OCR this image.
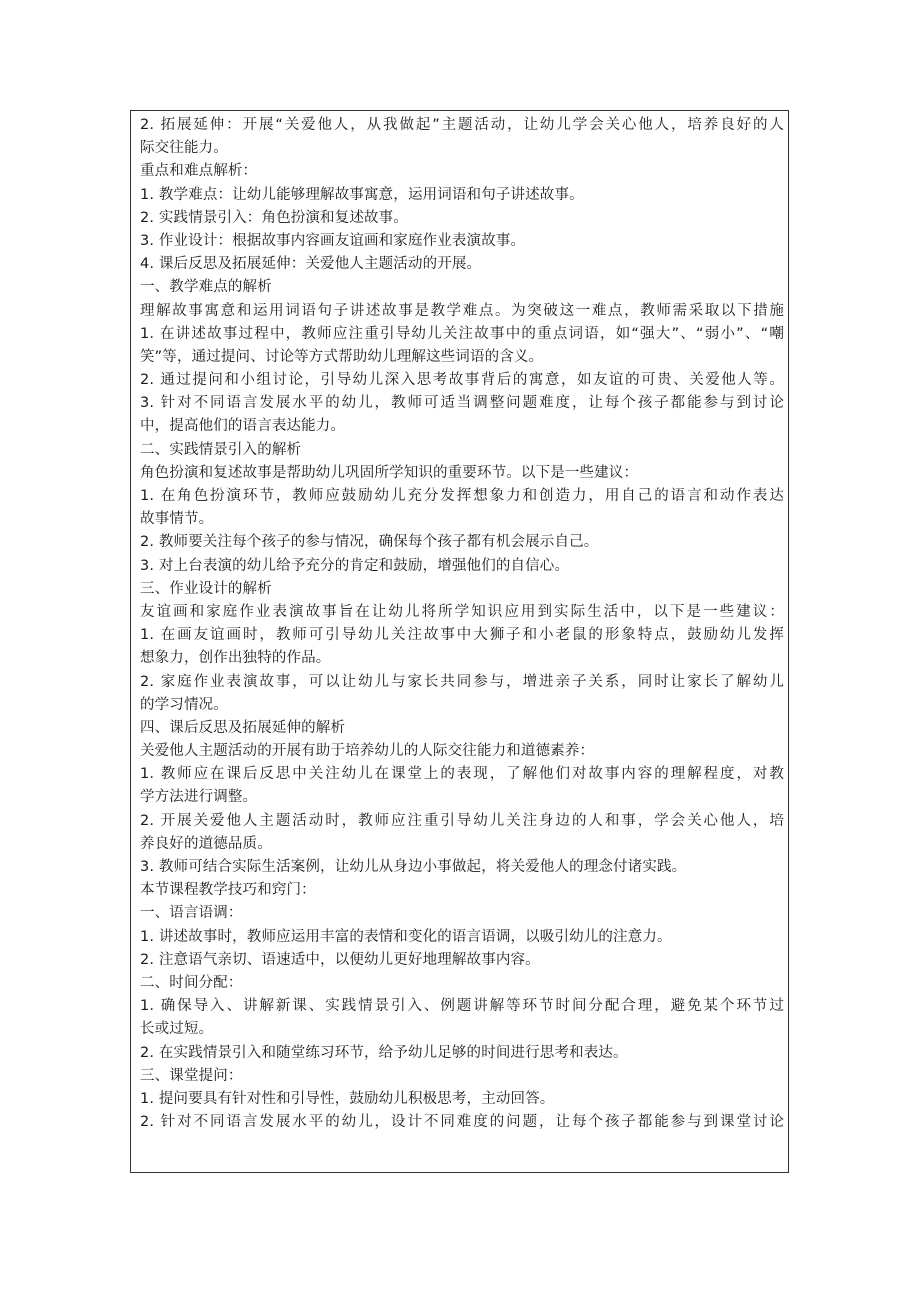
2. 拓展延伸：开展“关爱他人，从我做起”主题活动，让幼儿学会关心他人，培养良好的人
际交往能力。
重点和难点解析：
1. 教学难点：让幼儿能够理解故事寓意，运用词语和句子讲述故事。
2. 实践情景引入：角色扮演和复述故事。
3. 作业设计：根据故事内容画友谊画和家庭作业表演故事。
4. 课后反思及拓展延伸：关爱他人主题活动的开展。
一、教学难点的解析
理解故事寓意和运用词语句子讲述故事是教学难点。为突破这一难点，教师需采取以下措施
1. 在讲述故事过程中，教师应注重引导幼儿关注故事中的重点词语，如“强大”、“弱小”、“嘲
笑”等，通过提问、讨论等方式帮助幼儿理解这些词语的含义。
2. 通过提问和小组讨论，引导幼儿深入思考故事背后的寓意，如友谊的可贵、关爱他人等。
3. 针对不同语言发展水平的幼儿，教师可适当调整问题难度，让每个孩子都能参与到讨论
中，提高他们的语言表达能力。
二、实践情景引入的解析
角色扮演和复述故事是帮助幼儿巩固所学知识的重要环节。以下是一些建议：
1. 在角色扮演环节，教师应鼓励幼儿充分发挥想象力和创造力，用自己的语言和动作表达
故事情节。
2. 教师要关注每个孩子的参与情况，确保每个孩子都有机会展示自己。
3. 对上台表演的幼儿给予充分的肯定和鼓励，增强他们的自信心。
三、作业设计的解析
友谊画和家庭作业表演故事旨在让幼儿将所学知识应用到实际生活中，以下是一些建议：
1. 在画友谊画时，教师可引导幼儿关注故事中大狮子和小老鼠的形象特点，鼓励幼儿发挥
想象力，创作出独特的作品。
2. 家庭作业表演故事，可以让幼儿与家长共同参与，增进亲子关系，同时让家长了解幼儿
的学习情况。
四、课后反思及拓展延伸的解析
关爱他人主题活动的开展有助于培养幼儿的人际交往能力和道德素养：
1. 教师应在课后反思中关注幼儿在课堂上的表现，了解他们对故事内容的理解程度，对教
学方法进行调整。
2. 开展关爱他人主题活动时，教师应注重引导幼儿关注身边的人和事，学会关心他人，培
养良好的道德品质。
3. 教师可结合实际生活案例，让幼儿从身边小事做起，将关爱他人的理念付诸实践。
本节课程教学技巧和窍门：
一、语言语调：
1. 讲述故事时，教师应运用丰富的表情和变化的语言语调，以吸引幼儿的注意力。
2. 注意语气亲切、语速适中，以便幼儿更好地理解故事内容。
二、时间分配：
1. 确保导入、讲解新课、实践情景引入、例题讲解等环节时间分配合理，避免某个环节过
长或过短。
2. 在实践情景引入和随堂练习环节，给予幼儿足够的时间进行思考和表达。
三、课堂提问：
1. 提问要具有针对性和引导性，鼓励幼儿积极思考，主动回答。
2. 针对不同语言发展水平的幼儿，设计不同难度的问题，让每个孩子都能参与到课堂讨论
